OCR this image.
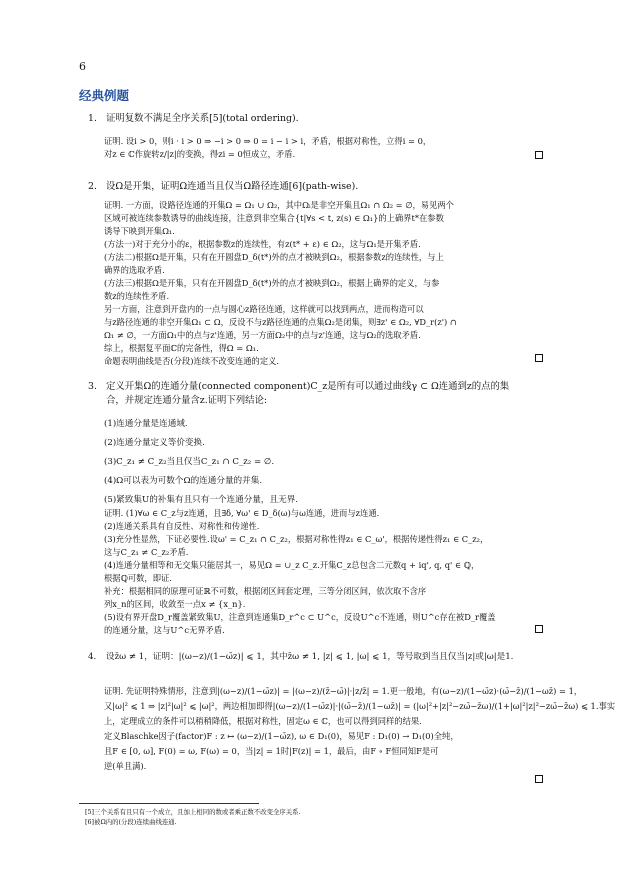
6
经典例题
1. 证明复数不满足全序关系[5](total ordering).
证明. 设i > 0，则i · i > 0 ⇒ −i > 0 ⇒ 0 = i − i > i，矛盾，根据对称性，立得i = 0，
对z ∈ ℂ作旋转z/|z|的变换，得zi = 0恒成立，矛盾.
2. 设Ω是开集，证明Ω连通当且仅当Ω路径连通[6](path-wise).
证明. 一方面，设路径连通的开集Ω = Ω₁ ∪ Ω₂，其中Ωᵢ是非空开集且Ω₁ ∩ Ω₂ = ∅，易见两个
区域可被连续参数诱导的曲线连接，注意到非空集合{t|∀s < t, z(s) ∈ Ω₁}的上确界t*在参数
诱导下映到开集Ω₁.
(方法一)对于充分小的ε，根据参数z的连续性，有z(t* + ε) ∈ Ω₂，这与Ω₁是开集矛盾.
(方法二)根据Ω是开集，只有在开圆盘D_δ(t*)外的点才被映到Ω₂，根据参数z的连续性，与上
确界的选取矛盾.
(方法三)根据Ω是开集，只有在开圆盘D_δ(t*)外的点才被映到Ω₂，根据上确界的定义，与参
数z的连续性矛盾.
另一方面，注意到开盘内的一点与圆心z路径连通，这样就可以找到两点，进而构造可以
与z路径连通的非空开集Ω₁ ⊂ Ω，反设不与z路径连通的点集Ω₂是闭集，则∃z' ∈ Ω₂, ∀D_r(z') ∩
Ω₁ ≠ ∅，一方面Ω₁中的点与z'连通，另一方面Ω₂中的点与z'连通，这与Ω₂的选取矛盾.
综上，根据复平面ℂ的完备性，得Ω = Ω₁.
命题表明曲线是否(分段)连续不改变连通的定义.
3. 定义开集Ω的连通分量(connected component)C_z是所有可以通过曲线γ ⊂ Ω连通到z的点的集
合，并规定连通分量含z.证明下列结论:
(1)连通分量是连通域.
(2)连通分量定义等价变换.
(3)C_z₁ ≠ C_z₂当且仅当C_z₁ ∩ C_z₂ = ∅.
(4)Ω可以表为可数个Ω的连通分量的并集.
(5)紧致集U的补集有且只有一个连通分量，且无界.
证明. (1)∀ω ∈ C_z与z连通，且∃δ, ∀ω' ∈ D_δ(ω)与ω连通，进而与z连通.
(2)连通关系具有自反性、对称性和传递性.
(3)充分性显然，下证必要性.设ω' = C_z₁ ∩ C_z₂，根据对称性得z₁ ∈ C_ω'，根据传递性得z₁ ∈ C_z₂，
这与C_z₁ ≠ C_z₂矛盾.
(4)连通分量相等和无交集只能居其一，易见Ω = ∪_z C_z.开集C_z总包含二元数q + iq', q, q' ∈ ℚ，
根据ℚ可数，即证.
补充：根据相同的原理可证ℝ不可数，根据闭区间套定理，三等分闭区间，依次取不含序
列x_n的区间，收敛至一点x ≠ {x_n}.
(5)设有界开盘D_r覆盖紧致集U，注意到连通集D_r^c ⊂ U^c，反设U^c不连通，则U^c存在被D_r覆盖
的连通分量，这与U^c无界矛盾.
4. 设z̄ω ≠ 1，证明：|(ω−z)/(1−ω̄z)| ⩽ 1，其中z̄ω ≠ 1, |z| ⩽ 1, |ω| ⩽ 1，等号取到当且仅当|z|或|ω|是1.
证明. 先证明特殊情形，注意到|(ω−z)/(1−ω̄z)| = |(ω−z)/(z̄−ω̄)|·|z/z̄| = 1.更一般地，有(ω−z)/(1−ω̄z)·(ω̄−z̄)/(1−ωz̄) = 1，
又|ω|² ⩽ 1 ⇒ |z|²|ω|² ⩽ |ω|²，两边相加即得|(ω−z)/(1−ω̄z)|·|(ω̄−z̄)/(1−ωz̄)| = (|ω|²+|z|²−zω̄−z̄ω)/(1+|ω|²|z|²−zω̄−z̄ω) ⩽ 1.事实
上，定理成立的条件可以稍稍降低，根据对称性，固定ω ∈ ℂ，也可以得到同样的结果.
定义Blaschke因子(factor)F : z ↦ (ω−z)/(1−ω̄z), ω ∈ D₁(0)，易见F : D₁(0) → D₁(0)全纯，
且F ∈ [0, ω], F(0) = ω, F(ω) = 0，当|z| = 1时|F(z)| = 1，最后，由F ∘ F恒同知F是可
逆(单且满).
[5]三个关系有且只有一个成立，且加上相同的数或者乘正数不改变全序关系.
[6]被Ω内的(分段)连续曲线连通.
